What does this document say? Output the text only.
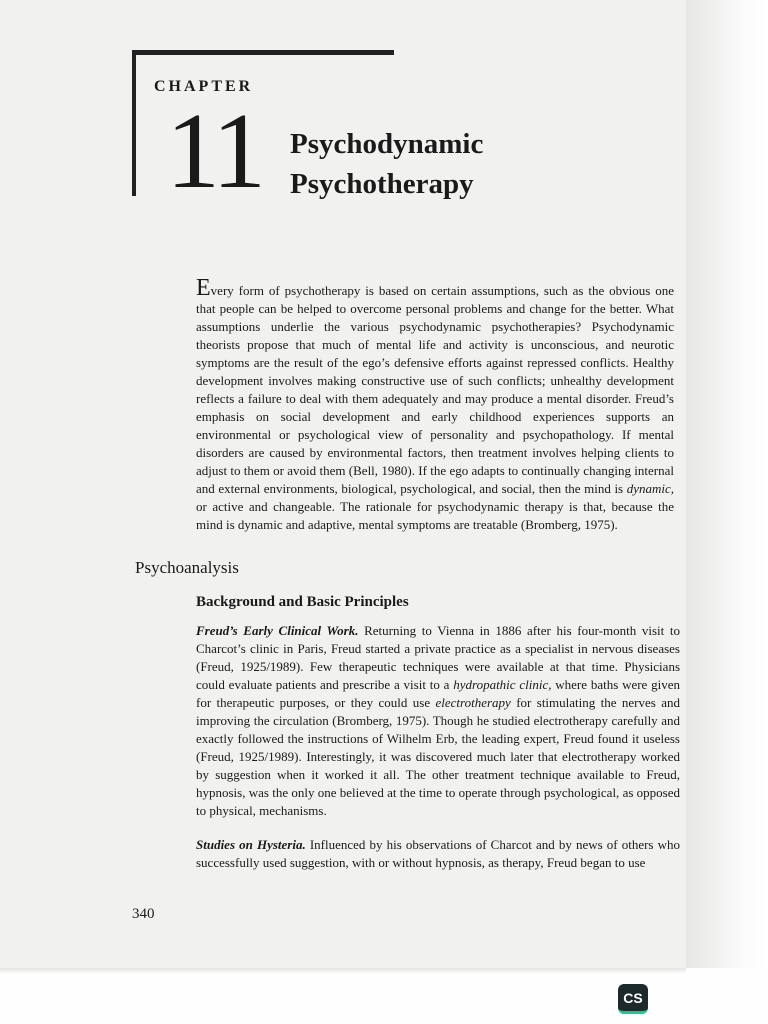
CHAPTER
11 Psychodynamic
Psychotherapy
Every form of psychotherapy is based on certain assumptions, such as the obvious one that people can be helped to overcome personal problems and change for the better. What assumptions underlie the various psychodynamic psychotherapies? Psychodynamic theorists propose that much of mental life and activity is unconscious, and neurotic symptoms are the result of the ego’s defensive efforts against repressed conflicts. Healthy development involves making constructive use of such conflicts; unhealthy development reflects a failure to deal with them adequately and may produce a mental disorder. Freud’s emphasis on social development and early childhood experiences supports an environmental or psychological view of personality and psychopathology. If mental disorders are caused by environmental factors, then treatment involves helping clients to adjust to them or avoid them (Bell, 1980). If the ego adapts to continually changing internal and external environments, biological, psychological, and social, then the mind is dynamic, or active and changeable. The rationale for psychodynamic therapy is that, because the mind is dynamic and adaptive, mental symptoms are treatable (Bromberg, 1975).
Psychoanalysis
Background and Basic Principles
Freud’s Early Clinical Work. Returning to Vienna in 1886 after his four-month visit to Charcot’s clinic in Paris, Freud started a private practice as a specialist in nervous diseases (Freud, 1925/1989). Few therapeutic techniques were available at that time. Physicians could evaluate patients and prescribe a visit to a hydropathic clinic, where baths were given for therapeutic purposes, or they could use electrotherapy for stimulating the nerves and improving the circulation (Bromberg, 1975). Though he studied electrotherapy carefully and exactly followed the instructions of Wilhelm Erb, the leading expert, Freud found it useless (Freud, 1925/1989). Interestingly, it was discovered much later that electrotherapy worked by suggestion when it worked it all. The other treatment technique available to Freud, hypnosis, was the only one believed at the time to operate through psychological, as opposed to physical, mechanisms.
Studies on Hysteria. Influenced by his observations of Charcot and by news of others who successfully used suggestion, with or without hypnosis, as therapy, Freud began to use
340
CS
